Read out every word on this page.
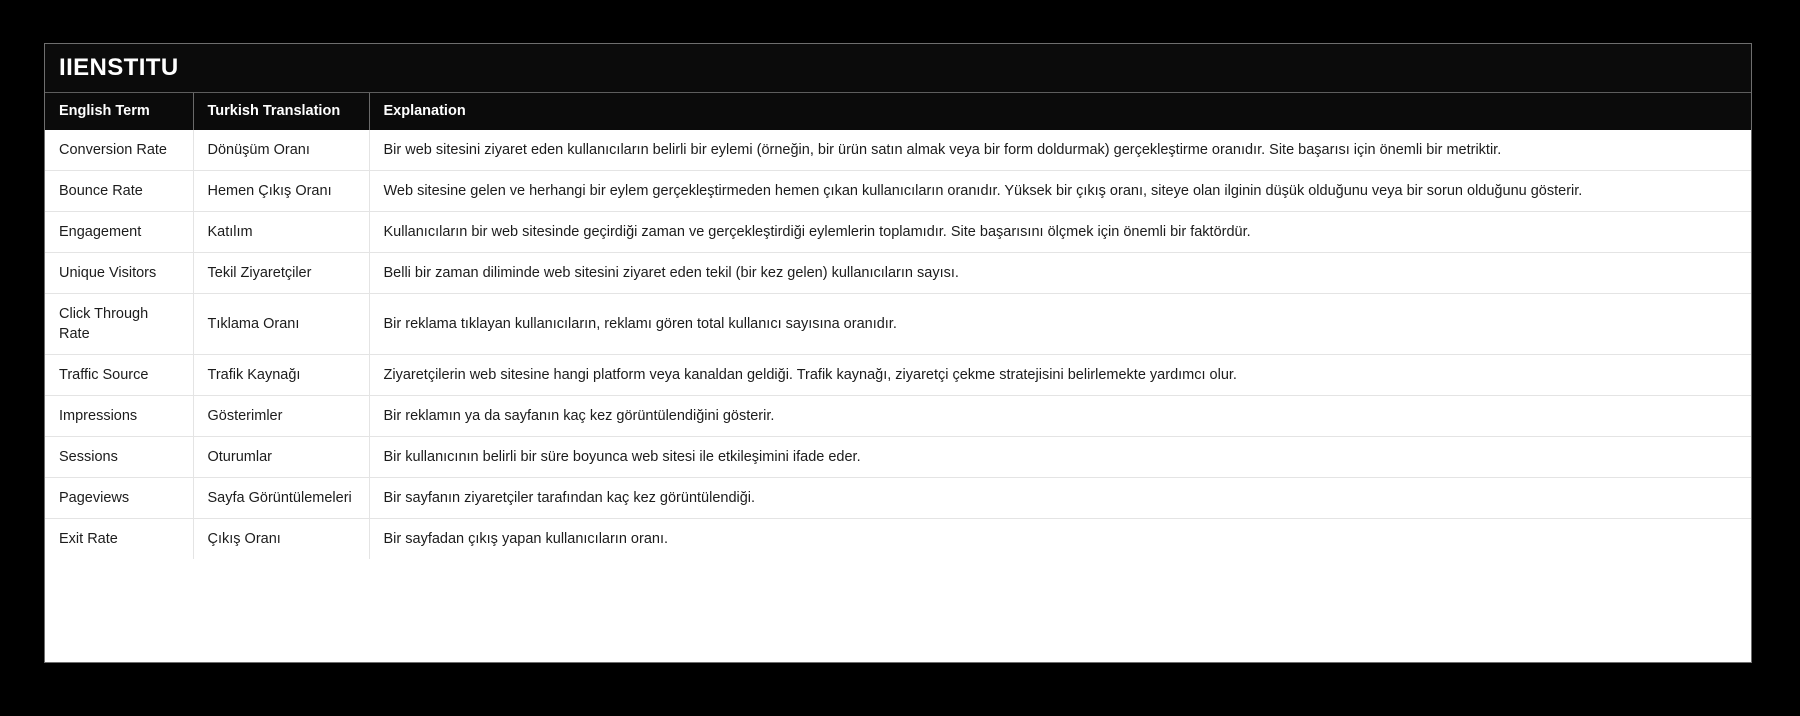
IIENSTITU
English Term	Turkish Translation	Explanation
Conversion Rate	Dönüşüm Oranı	Bir web sitesini ziyaret eden kullanıcıların belirli bir eylemi (örneğin, bir ürün satın almak veya bir form doldurmak) gerçekleştirme oranıdır. Site başarısı için önemli bir metriktir.
Bounce Rate	Hemen Çıkış Oranı	Web sitesine gelen ve herhangi bir eylem gerçekleştirmeden hemen çıkan kullanıcıların oranıdır. Yüksek bir çıkış oranı, siteye olan ilginin düşük olduğunu veya bir sorun olduğunu gösterir.
Engagement	Katılım	Kullanıcıların bir web sitesinde geçirdiği zaman ve gerçekleştirdiği eylemlerin toplamıdır. Site başarısını ölçmek için önemli bir faktördür.
Unique Visitors	Tekil Ziyaretçiler	Belli bir zaman diliminde web sitesini ziyaret eden tekil (bir kez gelen) kullanıcıların sayısı.
Click Through Rate	Tıklama Oranı	Bir reklama tıklayan kullanıcıların, reklamı gören total kullanıcı sayısına oranıdır.
Traffic Source	Trafik Kaynağı	Ziyaretçilerin web sitesine hangi platform veya kanaldan geldiği. Trafik kaynağı, ziyaretçi çekme stratejisini belirlemekte yardımcı olur.
Impressions	Gösterimler	Bir reklamın ya da sayfanın kaç kez görüntülendiğini gösterir.
Sessions	Oturumlar	Bir kullanıcının belirli bir süre boyunca web sitesi ile etkileşimini ifade eder.
Pageviews	Sayfa Görüntülemeleri	Bir sayfanın ziyaretçiler tarafından kaç kez görüntülendiği.
Exit Rate	Çıkış Oranı	Bir sayfadan çıkış yapan kullanıcıların oranı.
